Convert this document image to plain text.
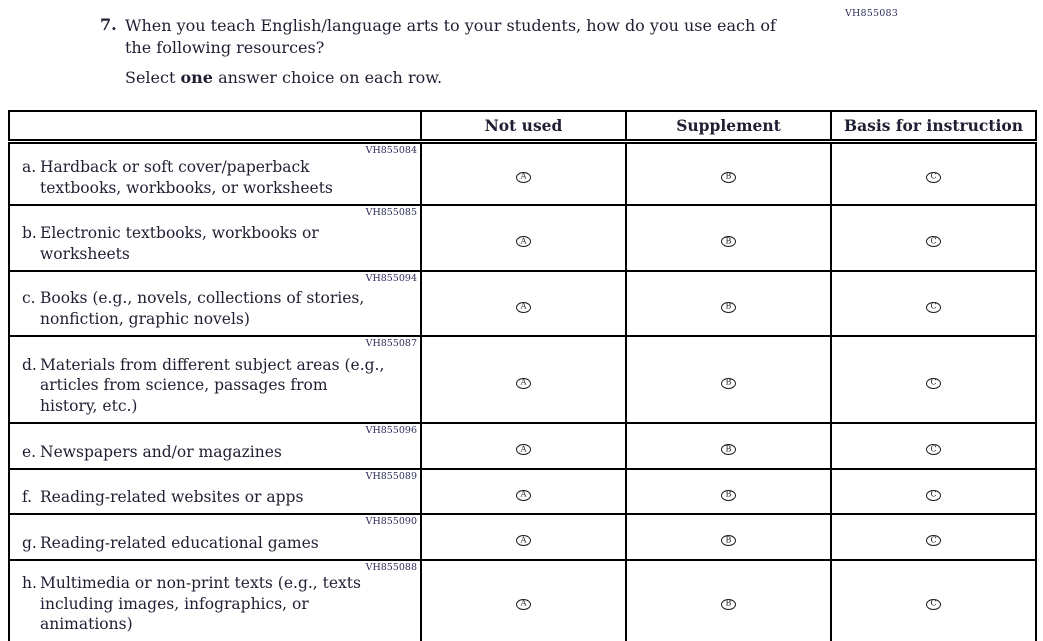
VH855083
7. When you teach English/language arts to your students, how do you use each of the following resources?
Select one answer choice on each row.
	Not used	Supplement	Basis for instruction

VH855084
a. Hardback or soft cover/paperback textbooks, workbooks, or worksheets	A	B	C

VH855085
b. Electronic textbooks, workbooks or worksheets	A	B	C

VH855094
c. Books (e.g., novels, collections of stories, nonfiction, graphic novels)	A	B	C

VH855087
d. Materials from different subject areas (e.g., articles from science, passages from history, etc.)	A	B	C

VH855096
e. Newspapers and/or magazines	A	B	C

VH855089
f. Reading-related websites or apps	A	B	C

VH855090
g. Reading-related educational games	A	B	C

VH855088
h. Multimedia or non-print texts (e.g., texts including images, infographics, or animations)	A	B	C
